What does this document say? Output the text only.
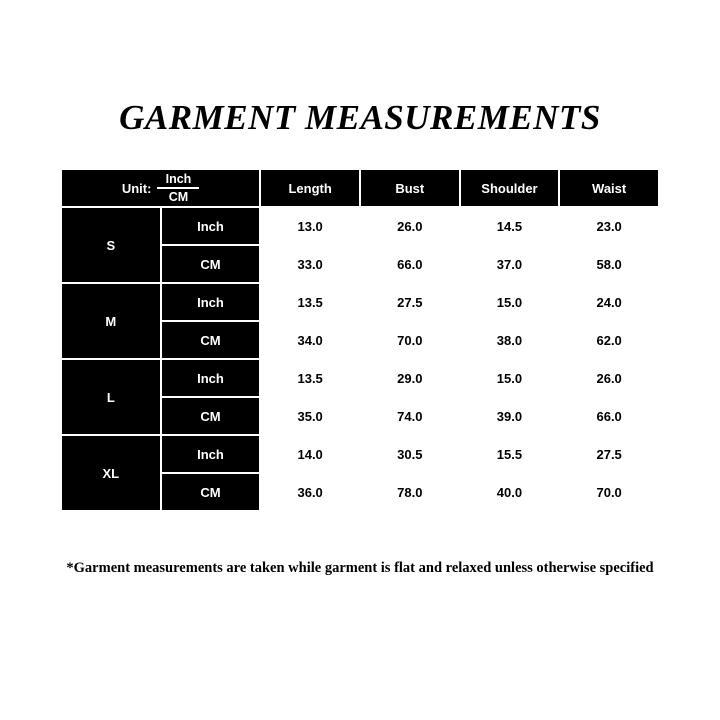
GARMENT MEASUREMENTS
Unit: $\frac{\text{Inch}}{CM}$		Length	Bust	Shoulder	Waist
S	Inch	13.0	26.0	14.5	23.0
	CM	33.0	66.0	37.0	58.0
M	Inch	13.5	27.5	15.0	24.0
	CM	34.0	70.0	38.0	62.0
L	Inch	13.5	29.0	15.0	26.0
	CM	35.0	74.0	39.0	66.0
XL	Inch	14.0	30.5	15.5	27.5
	CM	36.0	78.0	40.0	70.0
*Garment measurements are taken while garment is flat and relaxed unless otherwise specified
